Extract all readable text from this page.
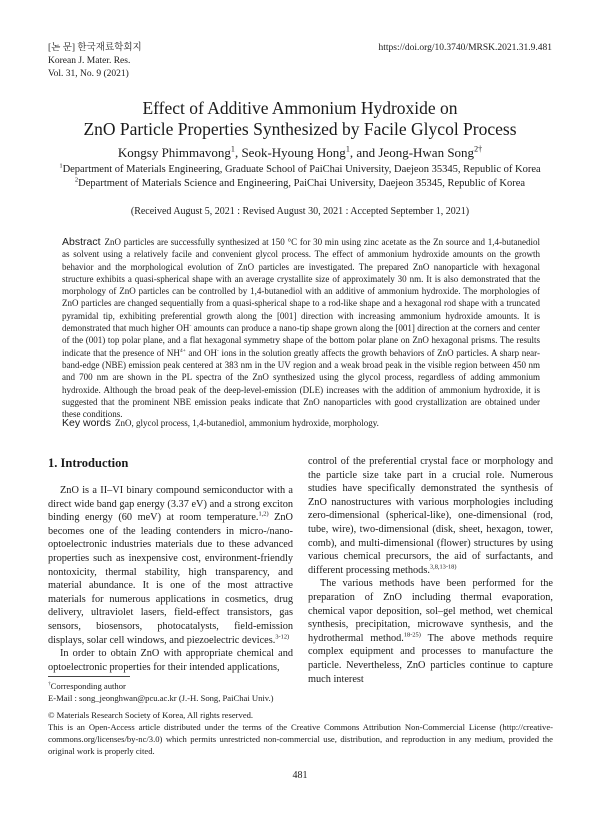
[논 문] 한국재료학회지
Korean J. Mater. Res.
Vol. 31, No. 9 (2021)
https://doi.org/10.3740/MRSK.2021.31.9.481
Effect of Additive Ammonium Hydroxide on
ZnO Particle Properties Synthesized by Facile Glycol Process
Kongsy Phimmavong$^1$, Seok-Hyoung Hong$^1$, and Jeong-Hwan Song$^{2\dagger}$
$^1$Department of Materials Engineering, Graduate School of PaiChai University, Daejeon 35345, Republic of Korea
$^2$Department of Materials Science and Engineering, PaiChai University, Daejeon 35345, Republic of Korea
(Received August 5, 2021 : Revised August 30, 2021 : Accepted September 1, 2021)
Abstract ZnO particles are successfully synthesized at 150 °C for 30 min using zinc acetate as the Zn source and 1,4-butanediol as solvent using a relatively facile and convenient glycol process. The effect of ammonium hydroxide amounts on the growth behavior and the morphological evolution of ZnO particles are investigated. The prepared ZnO nanoparticle with hexagonal structure exhibits a quasi-spherical shape with an average crystallite size of approximately 30 nm. It is also demonstrated that the morphology of ZnO particles can be controlled by 1,4-butanediol with an additive of ammonium hydroxide. The morphologies of ZnO particles are changed sequentially from a quasi-spherical shape to a rod-like shape and a hexagonal rod shape with a truncated pyramidal tip, exhibiting preferential growth along the [001] direction with increasing ammonium hydroxide amounts. It is demonstrated that much higher OH- amounts can produce a nano-tip shape grown along the [001] direction at the corners and center of the (001) top polar plane, and a flat hexagonal symmetry shape of the bottom polar plane on ZnO hexagonal prisms. The results indicate that the presence of $NH^{4+}$ and OH- ions in the solution greatly affects the growth behaviors of ZnO particles. A sharp near-band-edge (NBE) emission peak centered at 383 nm in the UV region and a weak broad peak in the visible region between 450 nm and 700 nm are shown in the PL spectra of the ZnO synthesized using the glycol process, regardless of adding ammonium hydroxide. Although the broad peak of the deep-level-emission (DLE) increases with the addition of ammonium hydroxide, it is suggested that the prominent NBE emission peaks indicate that ZnO nanoparticles with good crystallization are obtained under these conditions.
Key words ZnO, glycol process, 1,4-butanediol, ammonium hydroxide, morphology.
1. Introduction

ZnO is a II–VI binary compound semiconductor with a direct wide band gap energy (3.37 eV) and a strong exciton binding energy (60 meV) at room temperature.$^{1,2)}$ ZnO becomes one of the leading contenders in micro-/nano-optoelectronic industries materials due to these advanced properties such as inexpensive cost, environment-friendly nontoxicity, thermal stability, high transparency, and material abundance. It is one of the most attractive materials for numerous applications in cosmetics, drug delivery, ultraviolet lasers, field-effect transistors, gas sensors, biosensors, photocatalysts, field-emission displays, solar cell windows, and piezoelectric devices.$^{3-12)}$

In order to obtain ZnO with appropriate chemical and optoelectronic properties for their intended applications,

control of the preferential crystal face or morphology and the particle size take part in a crucial role. Numerous studies have specifically demonstrated the synthesis of ZnO nanostructures with various morphologies including zero-dimensional (spherical-like), one-dimensional (rod, tube, wire), two-dimensional (disk, sheet, hexagon, tower, comb), and multi-dimensional (flower) structures by using various chemical precursors, the aid of surfactants, and different processing methods.$^{3,8,13-18)}$

The various methods have been performed for the preparation of ZnO including thermal evaporation, chemical vapor deposition, sol–gel method, wet chemical synthesis, precipitation, microwave synthesis, and the hydrothermal method.$^{18-25)}$ The above methods require complex equipment and processes to manufacture the particle. Nevertheless, ZnO particles continue to capture much interest

†Corresponding author
E-Mail : song_jeonghwan@pcu.ac.kr (J.-H. Song, PaiChai Univ.)
© Materials Research Society of Korea, All rights reserved.
This is an Open-Access article distributed under the terms of the Creative Commons Attribution Non-Commercial License (http://creative-commons.org/licenses/by-nc/3.0) which permits unrestricted non-commercial use, distribution, and reproduction in any medium, provided the original work is properly cited.
481
